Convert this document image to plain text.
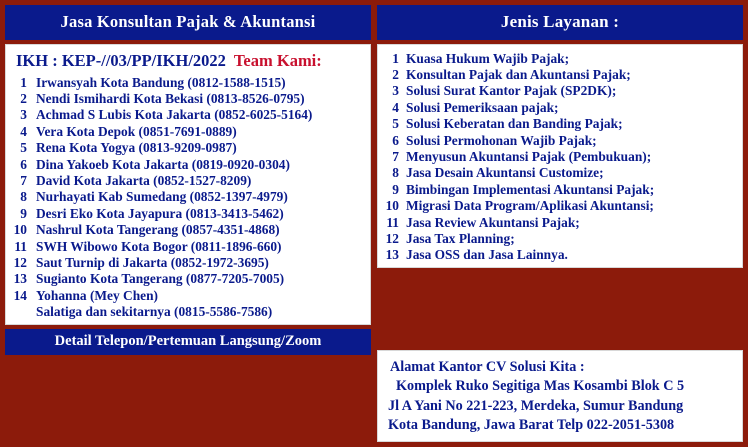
Jasa Konsultan Pajak & Akuntansi
IKH : KEP-//03/PP/IKH/2022 Team Kami:
1 Irwansyah Kota Bandung (0812-1588-1515)
2 Nendi Ismihardi Kota Bekasi (0813-8526-0795)
3 Achmad S Lubis Kota Jakarta (0852-6025-5164)
4 Vera Kota Depok (0851-7691-0889)
5 Rena Kota Yogya (0813-9209-0987)
6 Dina Yakoeb Kota Jakarta (0819-0920-0304)
7 David Kota Jakarta (0852-1527-8209)
8 Nurhayati Kab Sumedang (0852-1397-4979)
9 Desri Eko Kota Jayapura (0813-3413-5462)
10 Nashrul Kota Tangerang (0857-4351-4868)
11 SWH Wibowo Kota Bogor (0811-1896-660)
12 Saut Turnip di Jakarta (0852-1972-3695)
13 Sugianto Kota Tangerang (0877-7205-7005)
14 Yohanna (Mey Chen)
Salatiga dan sekitarnya (0815-5586-7586)
Detail Telepon/Pertemuan Langsung/Zoom
Jenis Layanan :
1 Kuasa Hukum Wajib Pajak;
2 Konsultan Pajak dan Akuntansi Pajak;
3 Solusi Surat Kantor Pajak (SP2DK);
4 Solusi Pemeriksaan pajak;
5 Solusi Keberatan dan Banding Pajak;
6 Solusi Permohonan Wajib Pajak;
7 Menyusun Akuntansi Pajak (Pembukuan);
8 Jasa Desain Akuntansi Customize;
9 Bimbingan Implementasi Akuntansi Pajak;
10 Migrasi Data Program/Aplikasi Akuntansi;
11 Jasa Review Akuntansi Pajak;
12 Jasa Tax Planning;
13 Jasa OSS dan Jasa Lainnya.
Alamat Kantor CV Solusi Kita :
Komplek Ruko Segitiga Mas Kosambi Blok C 5
Jl A Yani No 221-223, Merdeka, Sumur Bandung
Kota Bandung, Jawa Barat Telp 022-2051-5308
